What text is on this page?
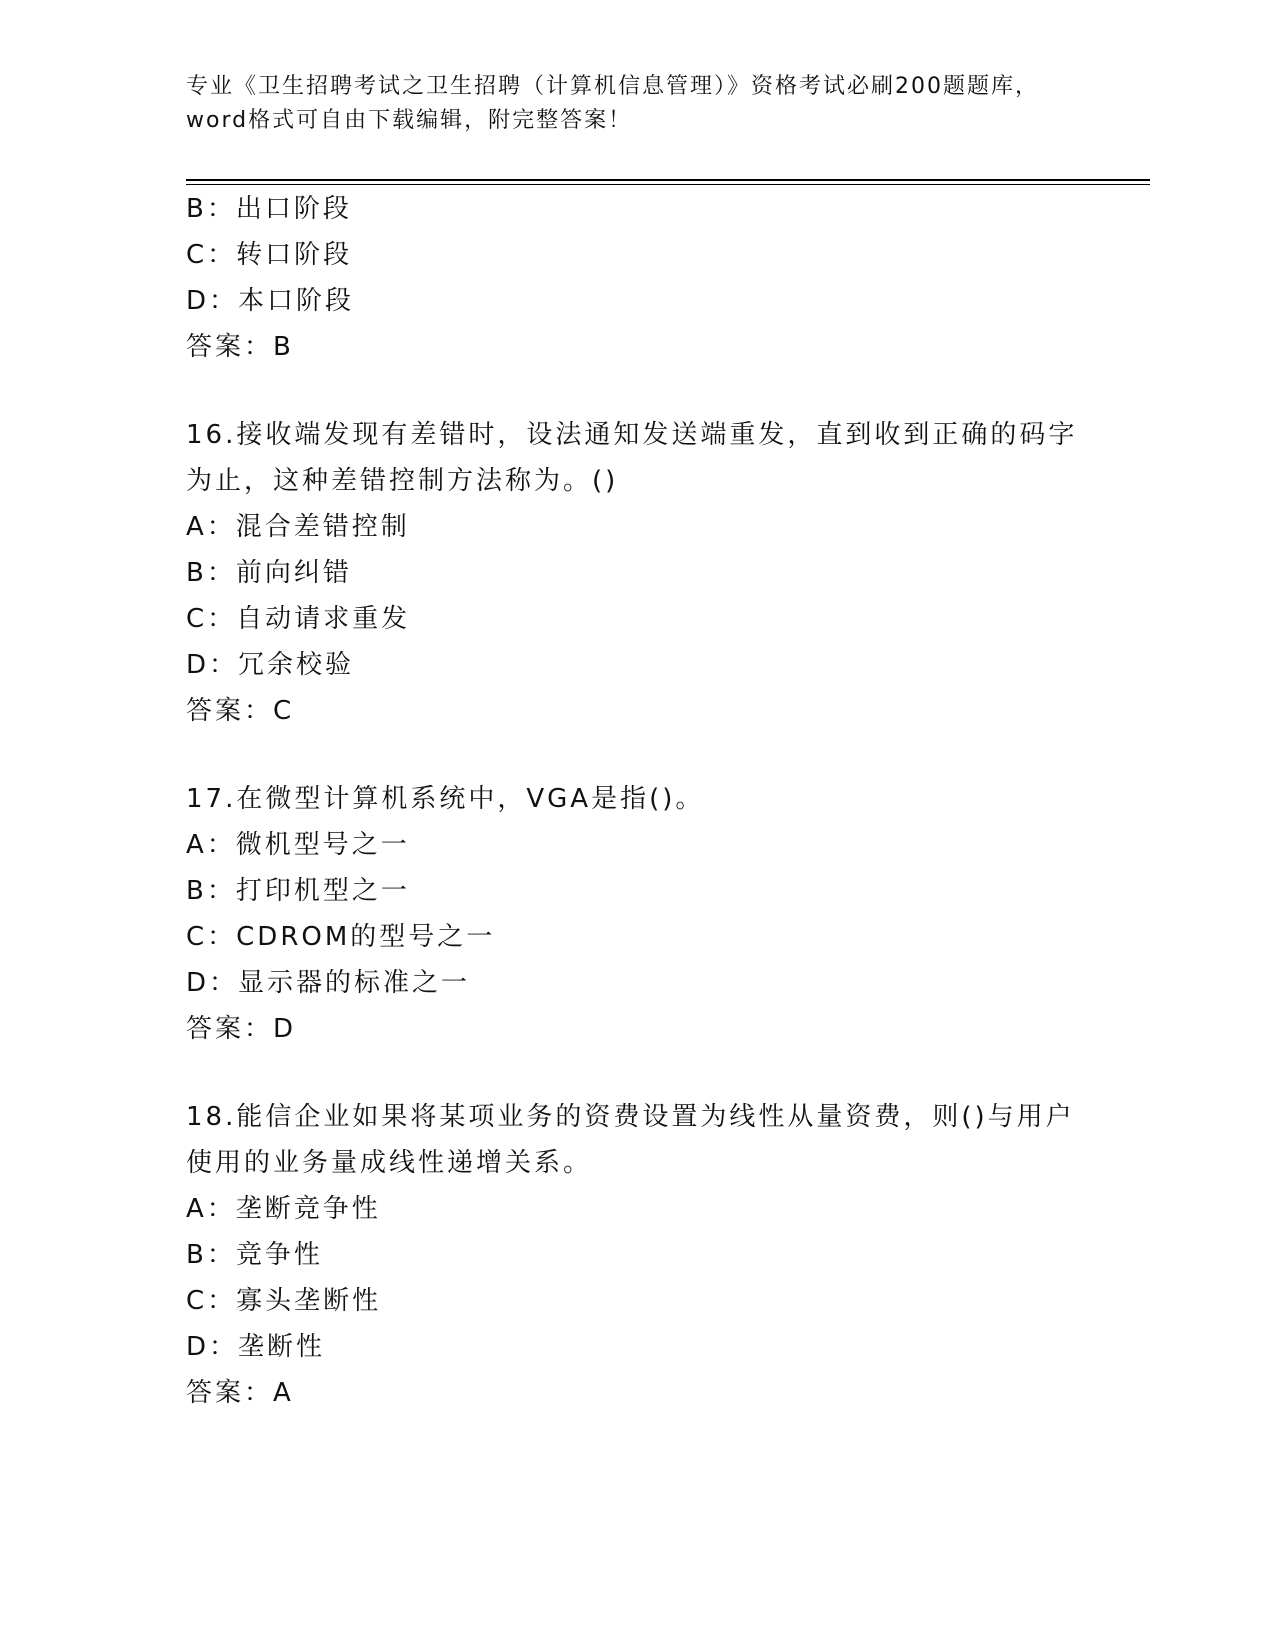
专业《卫生招聘考试之卫生招聘（计算机信息管理）》资格考试必刷200题题库，
word格式可自由下载编辑，附完整答案！
B：出口阶段
C：转口阶段
D：本口阶段
答案：B
16.接收端发现有差错时，设法通知发送端重发，直到收到正确的码字
为止，这种差错控制方法称为。()
A：混合差错控制
B：前向纠错
C：自动请求重发
D：冗余校验
答案：C
17.在微型计算机系统中，VGA是指()。
A：微机型号之一
B：打印机型之一
C：CDROM的型号之一
D：显示器的标准之一
答案：D
18.能信企业如果将某项业务的资费设置为线性从量资费，则()与用户
使用的业务量成线性递增关系。
A：垄断竞争性
B：竞争性
C：寡头垄断性
D：垄断性
答案：A
